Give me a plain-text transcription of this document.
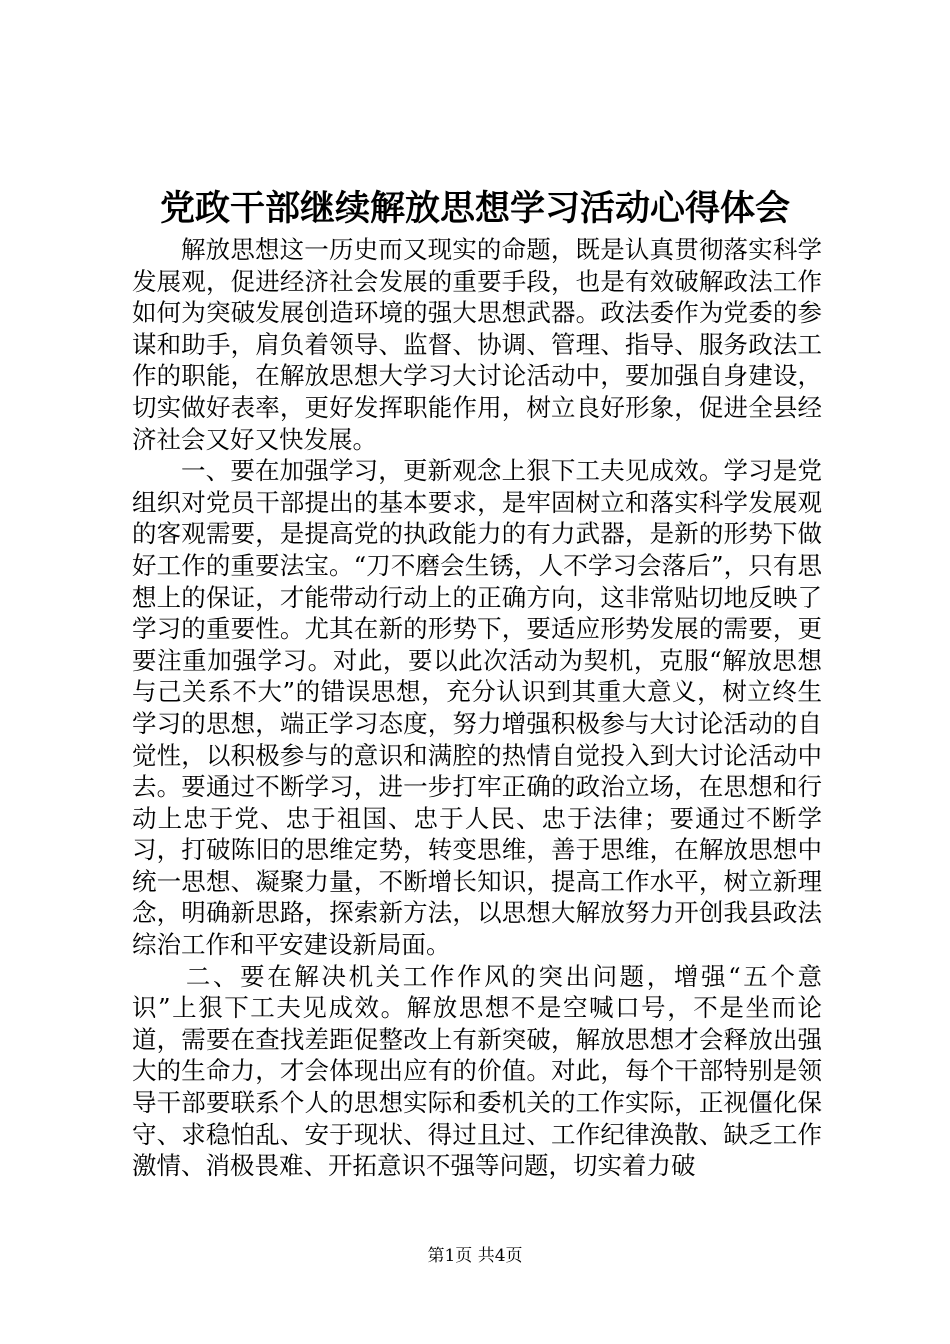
党政干部继续解放思想学习活动心得体会

解放思想这一历史而又现实的命题，既是认真贯彻落实科学发展观，促进经济社会发展的重要手段，也是有效破解政法工作如何为突破发展创造环境的强大思想武器。政法委作为党委的参谋和助手，肩负着领导、监督、协调、管理、指导、服务政法工作的职能，在解放思想大学习大讨论活动中，要加强自身建设，切实做好表率，更好发挥职能作用，树立良好形象，促进全县经济社会又好又快发展。

一、要在加强学习，更新观念上狠下工夫见成效。学习是党组织对党员干部提出的基本要求，是牢固树立和落实科学发展观的客观需要，是提高党的执政能力的有力武器，是新的形势下做好工作的重要法宝。“刀不磨会生锈，人不学习会落后”，只有思想上的保证，才能带动行动上的正确方向，这非常贴切地反映了学习的重要性。尤其在新的形势下，要适应形势发展的需要，更要注重加强学习。对此，要以此次活动为契机，克服“解放思想与己关系不大”的错误思想，充分认识到其重大意义，树立终生学习的思想，端正学习态度，努力增强积极参与大讨论活动的自觉性，以积极参与的意识和满腔的热情自觉投入到大讨论活动中去。要通过不断学习，进一步打牢正确的政治立场，在思想和行动上忠于党、忠于祖国、忠于人民、忠于法律；要通过不断学习，打破陈旧的思维定势，转变思维，善于思维，在解放思想中统一思想、凝聚力量，不断增长知识，提高工作水平，树立新理念，明确新思路，探索新方法，以思想大解放努力开创我县政法综治工作和平安建设新局面。

二、要在解决机关工作作风的突出问题，增强“五个意识”上狠下工夫见成效。解放思想不是空喊口号，不是坐而论道，需要在查找差距促整改上有新突破，解放思想才会释放出强大的生命力，才会体现出应有的价值。对此，每个干部特别是领导干部要联系个人的思想实际和委机关的工作实际，正视僵化保守、求稳怕乱、安于现状、得过且过、工作纪律涣散、缺乏工作激情、消极畏难、开拓意识不强等问题，切实着力破

第1页 共4页
